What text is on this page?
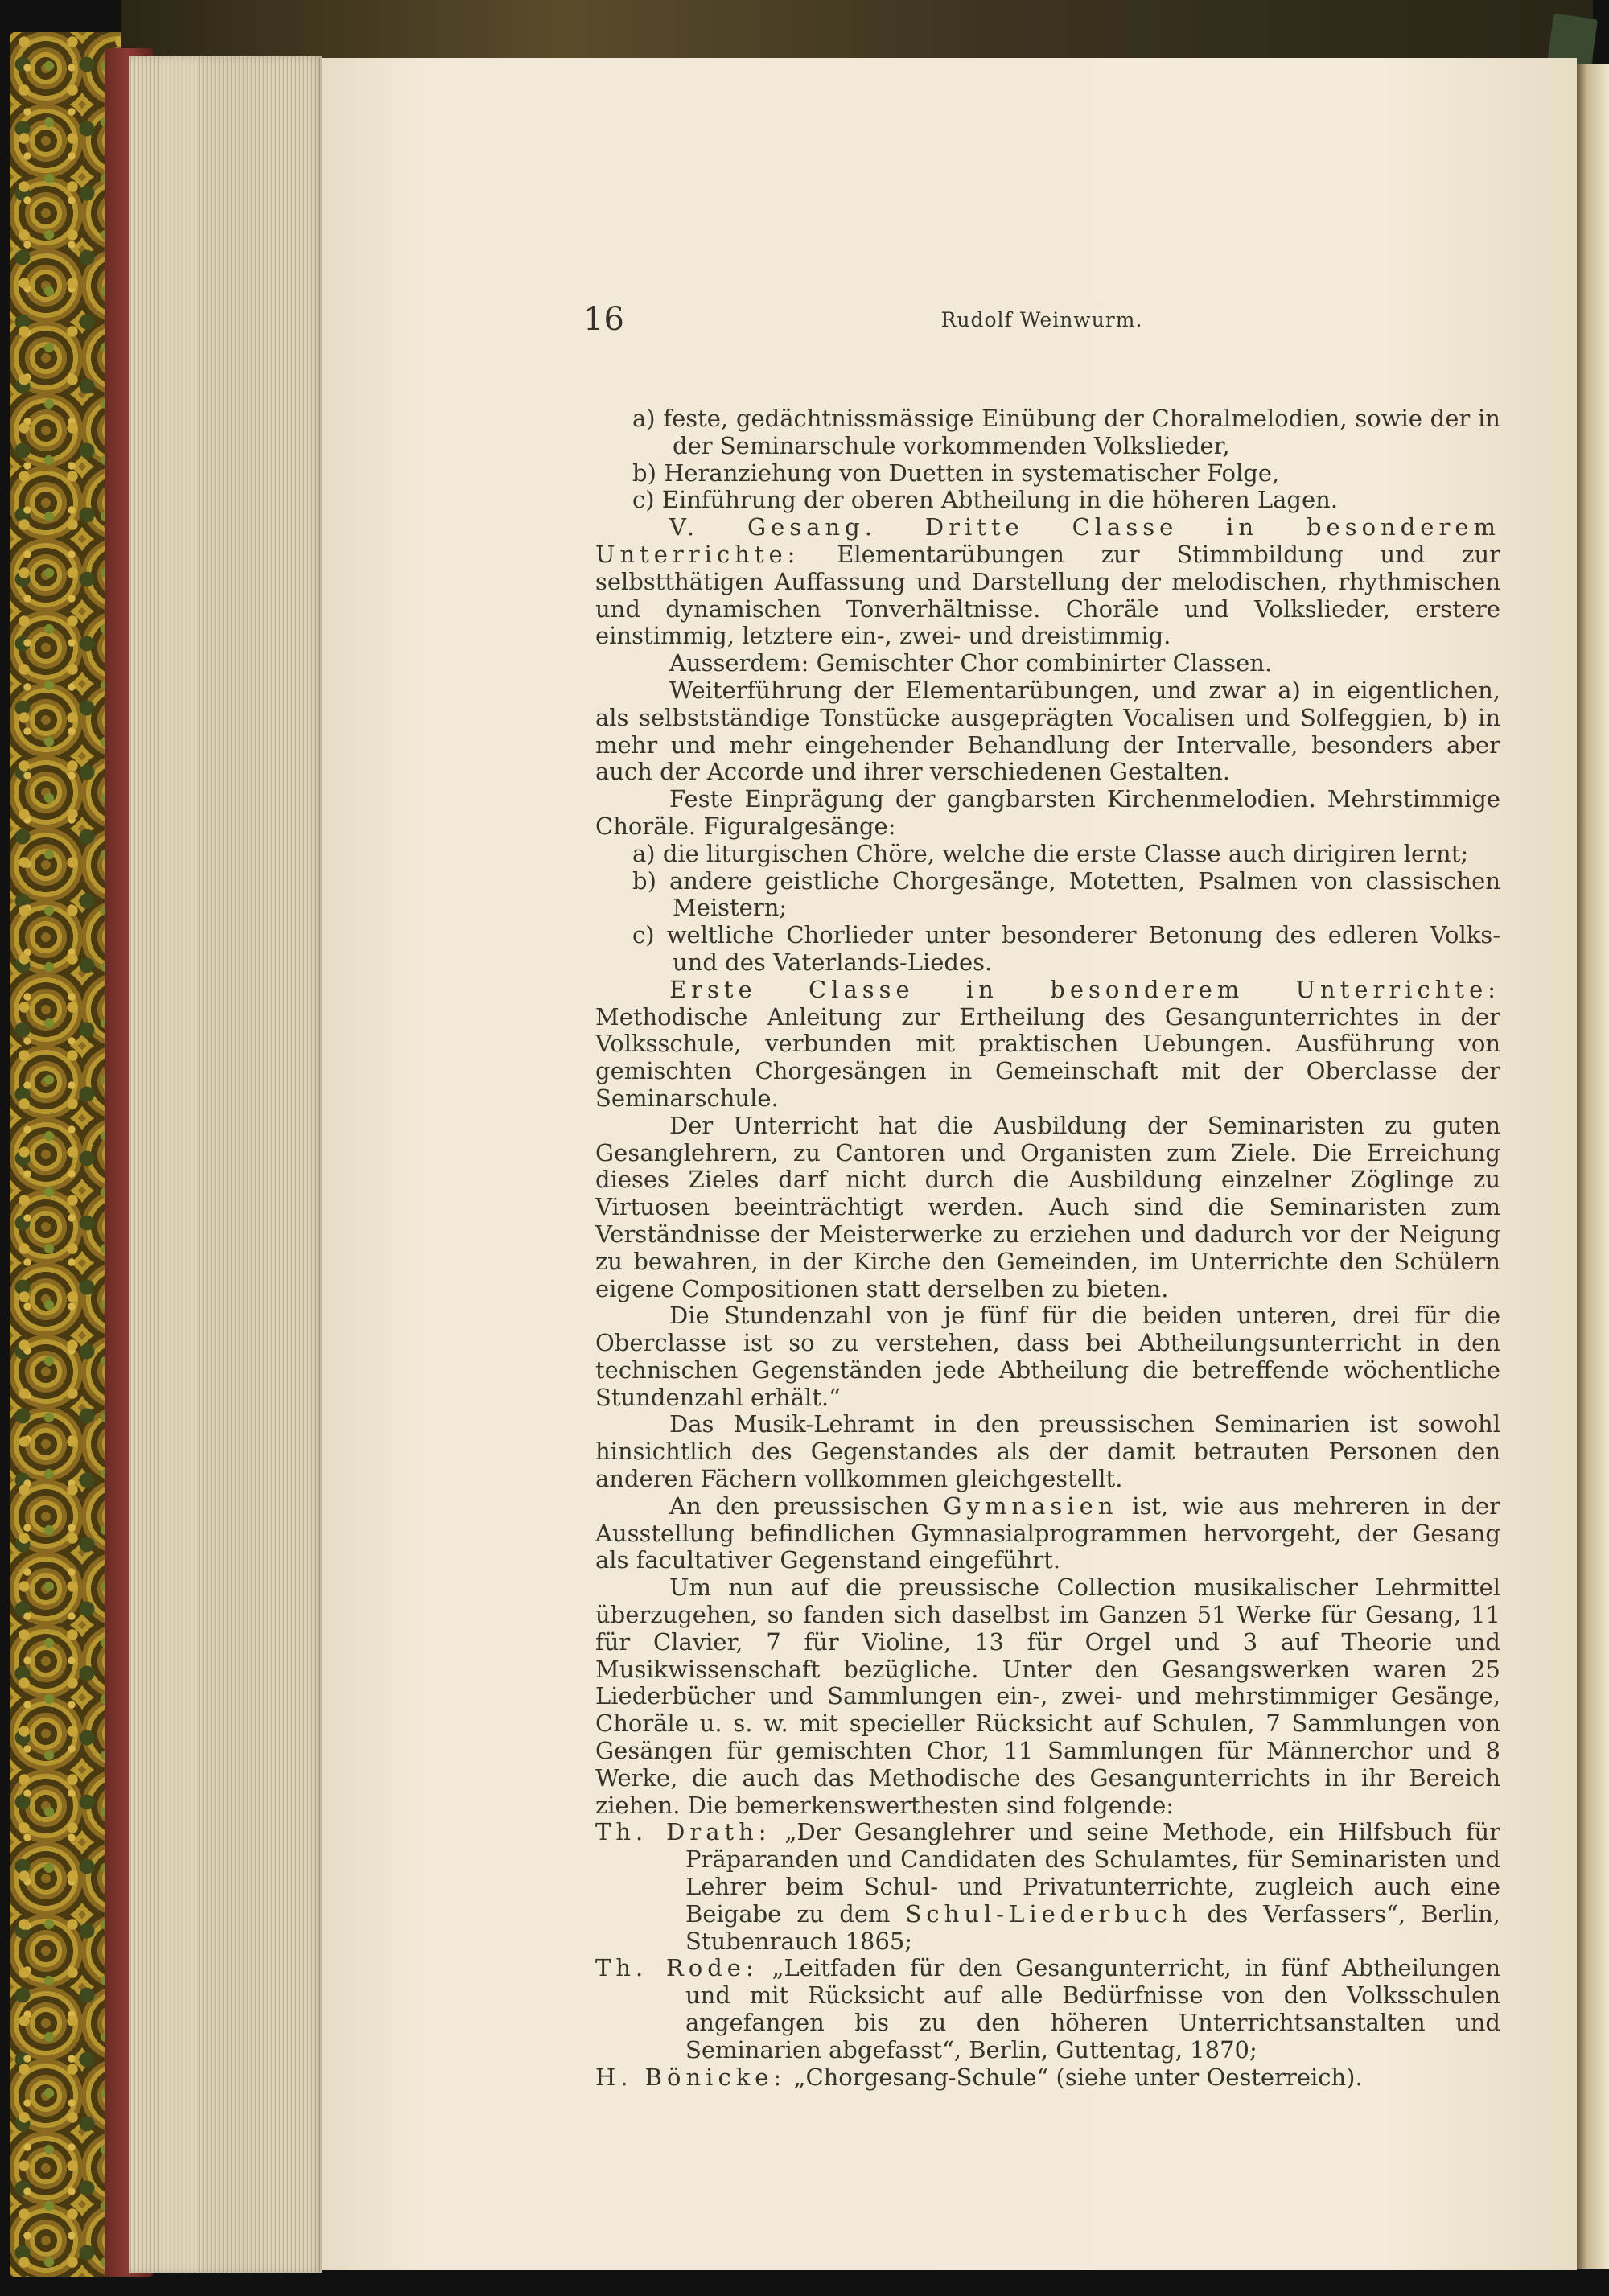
16	Rudolf Weinwurm.

a) feste, gedächtnissmässige Einübung der Choralmelodien, sowie der in der Seminarschule vorkommenden Volkslieder,

b) Heranziehung von Duetten in systematischer Folge,

c) Einführung der oberen Abtheilung in die höheren Lagen.

V. Gesang. Dritte Classe in besonderem Unterrichte: Elementarübungen zur Stimmbildung und zur selbstthätigen Auffassung und Darstellung der melodischen, rhythmischen und dynamischen Tonverhältnisse. Choräle und Volkslieder, erstere einstimmig, letztere ein-, zwei- und dreistimmig.

Ausserdem: Gemischter Chor combinirter Classen.

Weiterführung der Elementarübungen, und zwar a) in eigentlichen, als selbstständige Tonstücke ausgeprägten Vocalisen und Solfeggien, b) in mehr und mehr eingehender Behandlung der Intervalle, besonders aber auch der Accorde und ihrer verschiedenen Gestalten.

Feste Einprägung der gangbarsten Kirchenmelodien. Mehrstimmige Choräle. Figuralgesänge:

a) die liturgischen Chöre, welche die erste Classe auch dirigiren lernt;

b) andere geistliche Chorgesänge, Motetten, Psalmen von classischen Meistern;

c) weltliche Chorlieder unter besonderer Betonung des edleren Volks- und des Vaterlands-Liedes.

Erste Classe in besonderem Unterrichte: Methodische Anleitung zur Ertheilung des Gesangunterrichtes in der Volksschule, verbunden mit praktischen Uebungen. Ausführung von gemischten Chorgesängen in Gemeinschaft mit der Oberclasse der Seminarschule.

Der Unterricht hat die Ausbildung der Seminaristen zu guten Gesanglehrern, zu Cantoren und Organisten zum Ziele. Die Erreichung dieses Zieles darf nicht durch die Ausbildung einzelner Zöglinge zu Virtuosen beeinträchtigt werden. Auch sind die Seminaristen zum Verständnisse der Meisterwerke zu erziehen und dadurch vor der Neigung zu bewahren, in der Kirche den Gemeinden, im Unterrichte den Schülern eigene Compositionen statt derselben zu bieten.

Die Stundenzahl von je fünf für die beiden unteren, drei für die Oberclasse ist so zu verstehen, dass bei Abtheilungsunterricht in den technischen Gegenständen jede Abtheilung die betreffende wöchentliche Stundenzahl erhält.“

Das Musik-Lehramt in den preussischen Seminarien ist sowohl hinsichtlich des Gegenstandes als der damit betrauten Personen den anderen Fächern vollkommen gleichgestellt.

An den preussischen Gymnasien ist, wie aus mehreren in der Ausstellung befindlichen Gymnasialprogrammen hervorgeht, der Gesang als facultativer Gegenstand eingeführt.

Um nun auf die preussische Collection musikalischer Lehrmittel überzugehen, so fanden sich daselbst im Ganzen 51 Werke für Gesang, 11 für Clavier, 7 für Violine, 13 für Orgel und 3 auf Theorie und Musikwissenschaft bezügliche. Unter den Gesangswerken waren 25 Liederbücher und Sammlungen ein-, zwei- und mehrstimmiger Gesänge, Choräle u. s. w. mit specieller Rücksicht auf Schulen, 7 Sammlungen von Gesängen für gemischten Chor, 11 Sammlungen für Männerchor und 8 Werke, die auch das Methodische des Gesangunterrichts in ihr Bereich ziehen. Die bemerkenswerthesten sind folgende:

Th. Drath: „Der Gesanglehrer und seine Methode, ein Hilfsbuch für Präparanden und Candidaten des Schulamtes, für Seminaristen und Lehrer beim Schul- und Privatunterrichte, zugleich auch eine Beigabe zu dem Schul-Liederbuch des Verfassers“, Berlin, Stubenrauch 1865;

Th. Rode: „Leitfaden für den Gesangunterricht, in fünf Abtheilungen und mit Rücksicht auf alle Bedürfnisse von den Volksschulen angefangen bis zu den höheren Unterrichtsanstalten und Seminarien abgefasst“, Berlin, Guttentag, 1870;

H. Bönicke: „Chorgesang-Schule“ (siehe unter Oesterreich).
